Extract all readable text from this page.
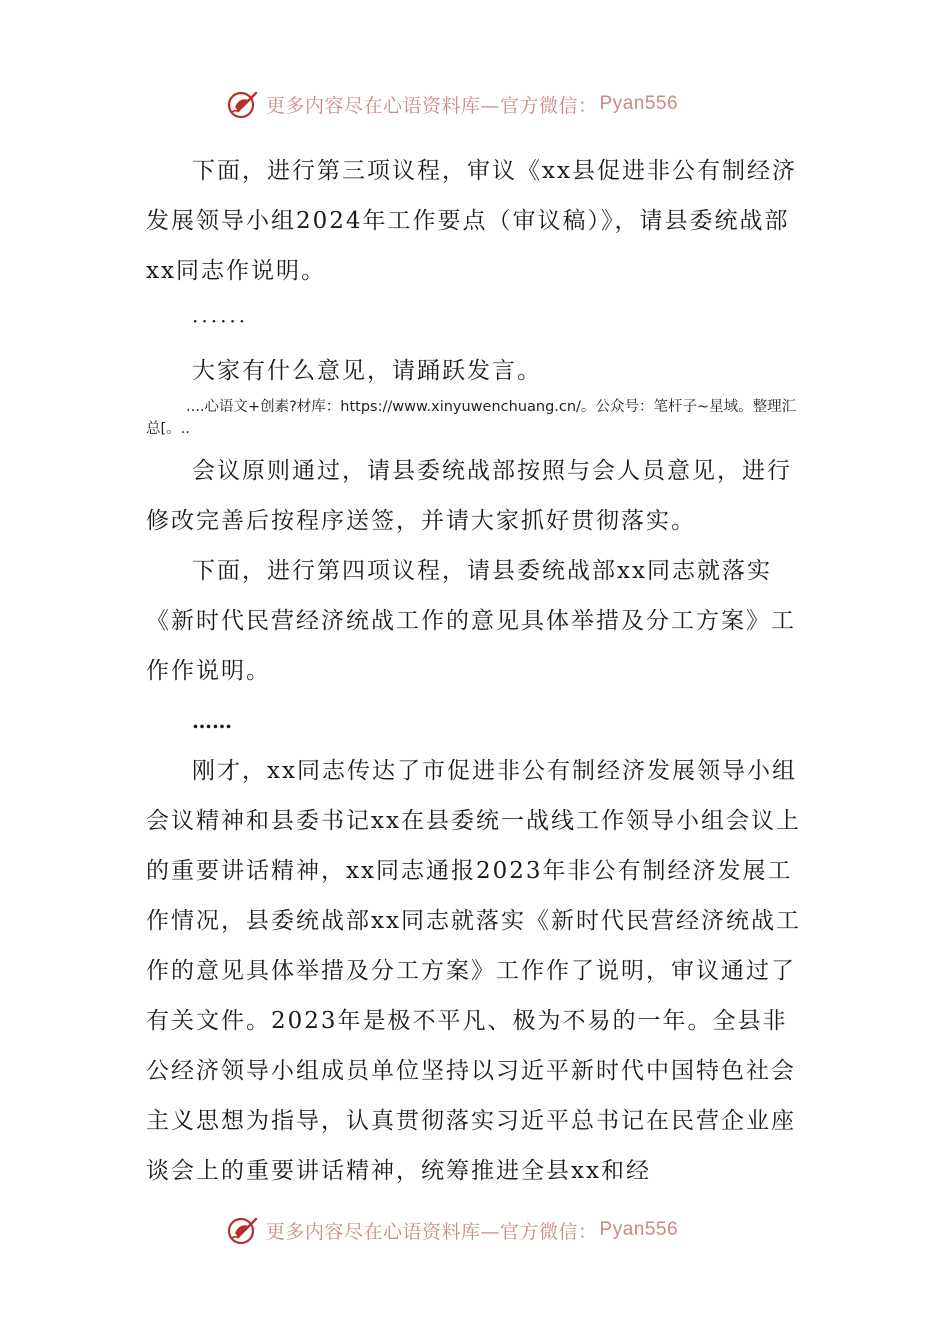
更多内容尽在心语资料库—官方微信： Pyan556

下面，进行第三项议程，审议《xx县促进非公有制经济发展领导小组2024年工作要点（审议稿）》，请县委统战部xx同志作说明。

······

大家有什么意见，请踊跃发言。

....心语文+创素?材库：https://www.xinyuwenchuang.cn/。公众号：笔杆子~星域。整理汇总[。..

会议原则通过，请县委统战部按照与会人员意见，进行修改完善后按程序送签，并请大家抓好贯彻落实。

下面，进行第四项议程，请县委统战部xx同志就落实《新时代民营经济统战工作的意见具体举措及分工方案》工作作说明。

……

刚才，xx同志传达了市促进非公有制经济发展领导小组会议精神和县委书记xx在县委统一战线工作领导小组会议上的重要讲话精神，xx同志通报2023年非公有制经济发展工作情况，县委统战部xx同志就落实《新时代民营经济统战工作的意见具体举措及分工方案》工作作了说明，审议通过了有关文件。2023年是极不平凡、极为不易的一年。全县非公经济领导小组成员单位坚持以习近平新时代中国特色社会主义思想为指导，认真贯彻落实习近平总书记在民营企业座谈会上的重要讲话精神，统筹推进全县xx和经

更多内容尽在心语资料库—官方微信： Pyan556
